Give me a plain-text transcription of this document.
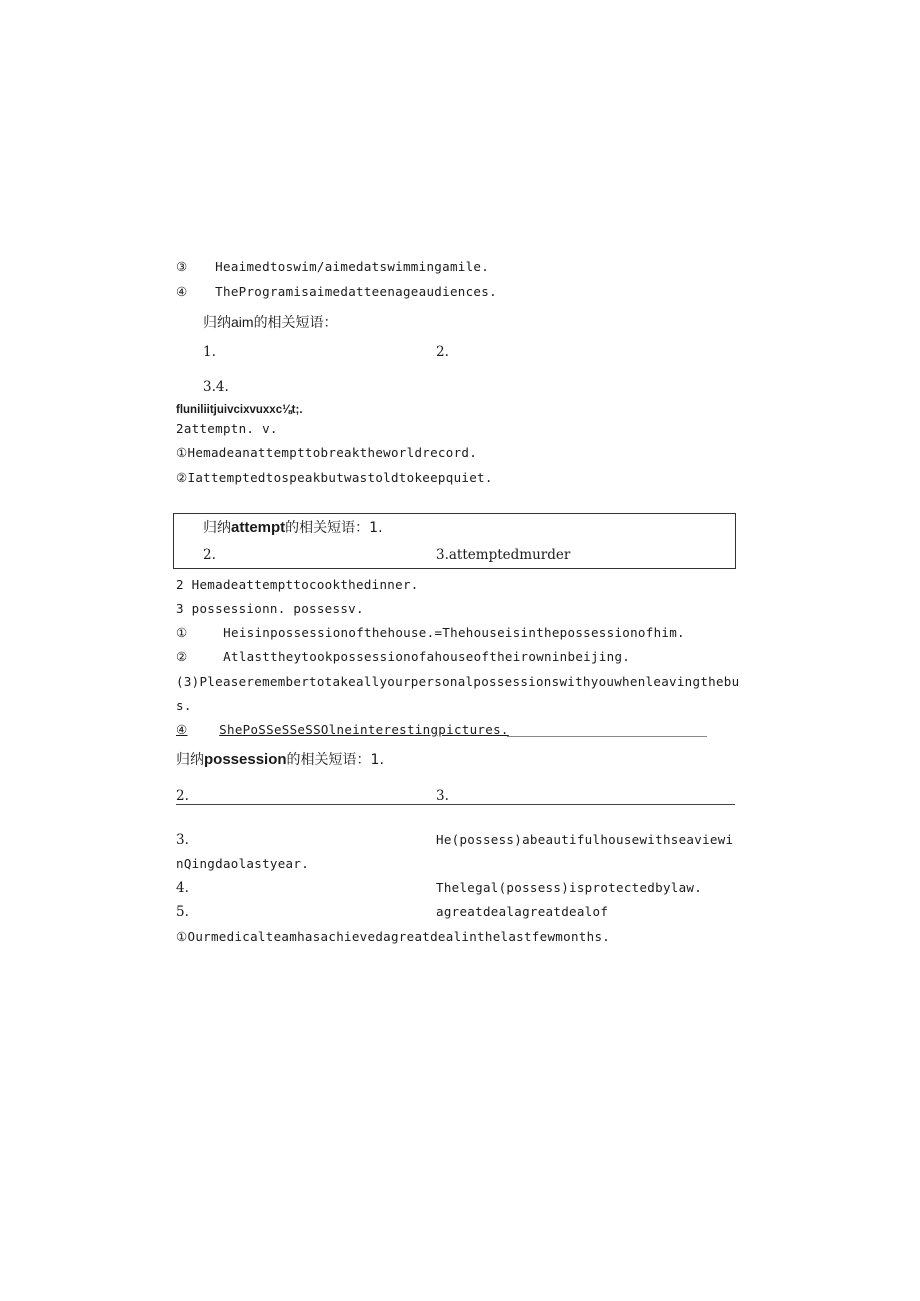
③ Heaimedtoswim/aimedatswimmingamile.
④ TheProgramisaimedatteenageaudiences.
归纳aim的相关短语：
1.	2.
3.4.
fluniliitjuivcixvuxxc⅛t;.
2attemptn. v.
①Hemadeanattempttobreaktheworldrecord.
②Iattemptedtospeakbutwastoldtokeepquiet.
归纳attempt的相关短语：1.
2.	3.attemptedmurder
2 Hemadeattempttocookthedinner.
3 possessionn. possessv.
①	Heisinpossessionofthehouse.=Thehouseisinthepossessionofhim.
②	Atlasttheytookpossessionofahouseoftheirowninbeijing.
(3)Pleaseremembertotakeallyourpersonalpossessionswithyouwhenleavingthebu
s.
④	ShePoSSeSSeSSOlneinterestingpictures.
归纳possession的相关短语：1.
2.	3.
3.	He(possess)abeautifulhousewithseaviewi
nQingdaolastyear.
4.	Thelegal(possess)isprotectedbylaw.
5.	agreatdealagreatdealof
①Ourmedicalteamhasachievedagreatdealinthelastfewmonths.
